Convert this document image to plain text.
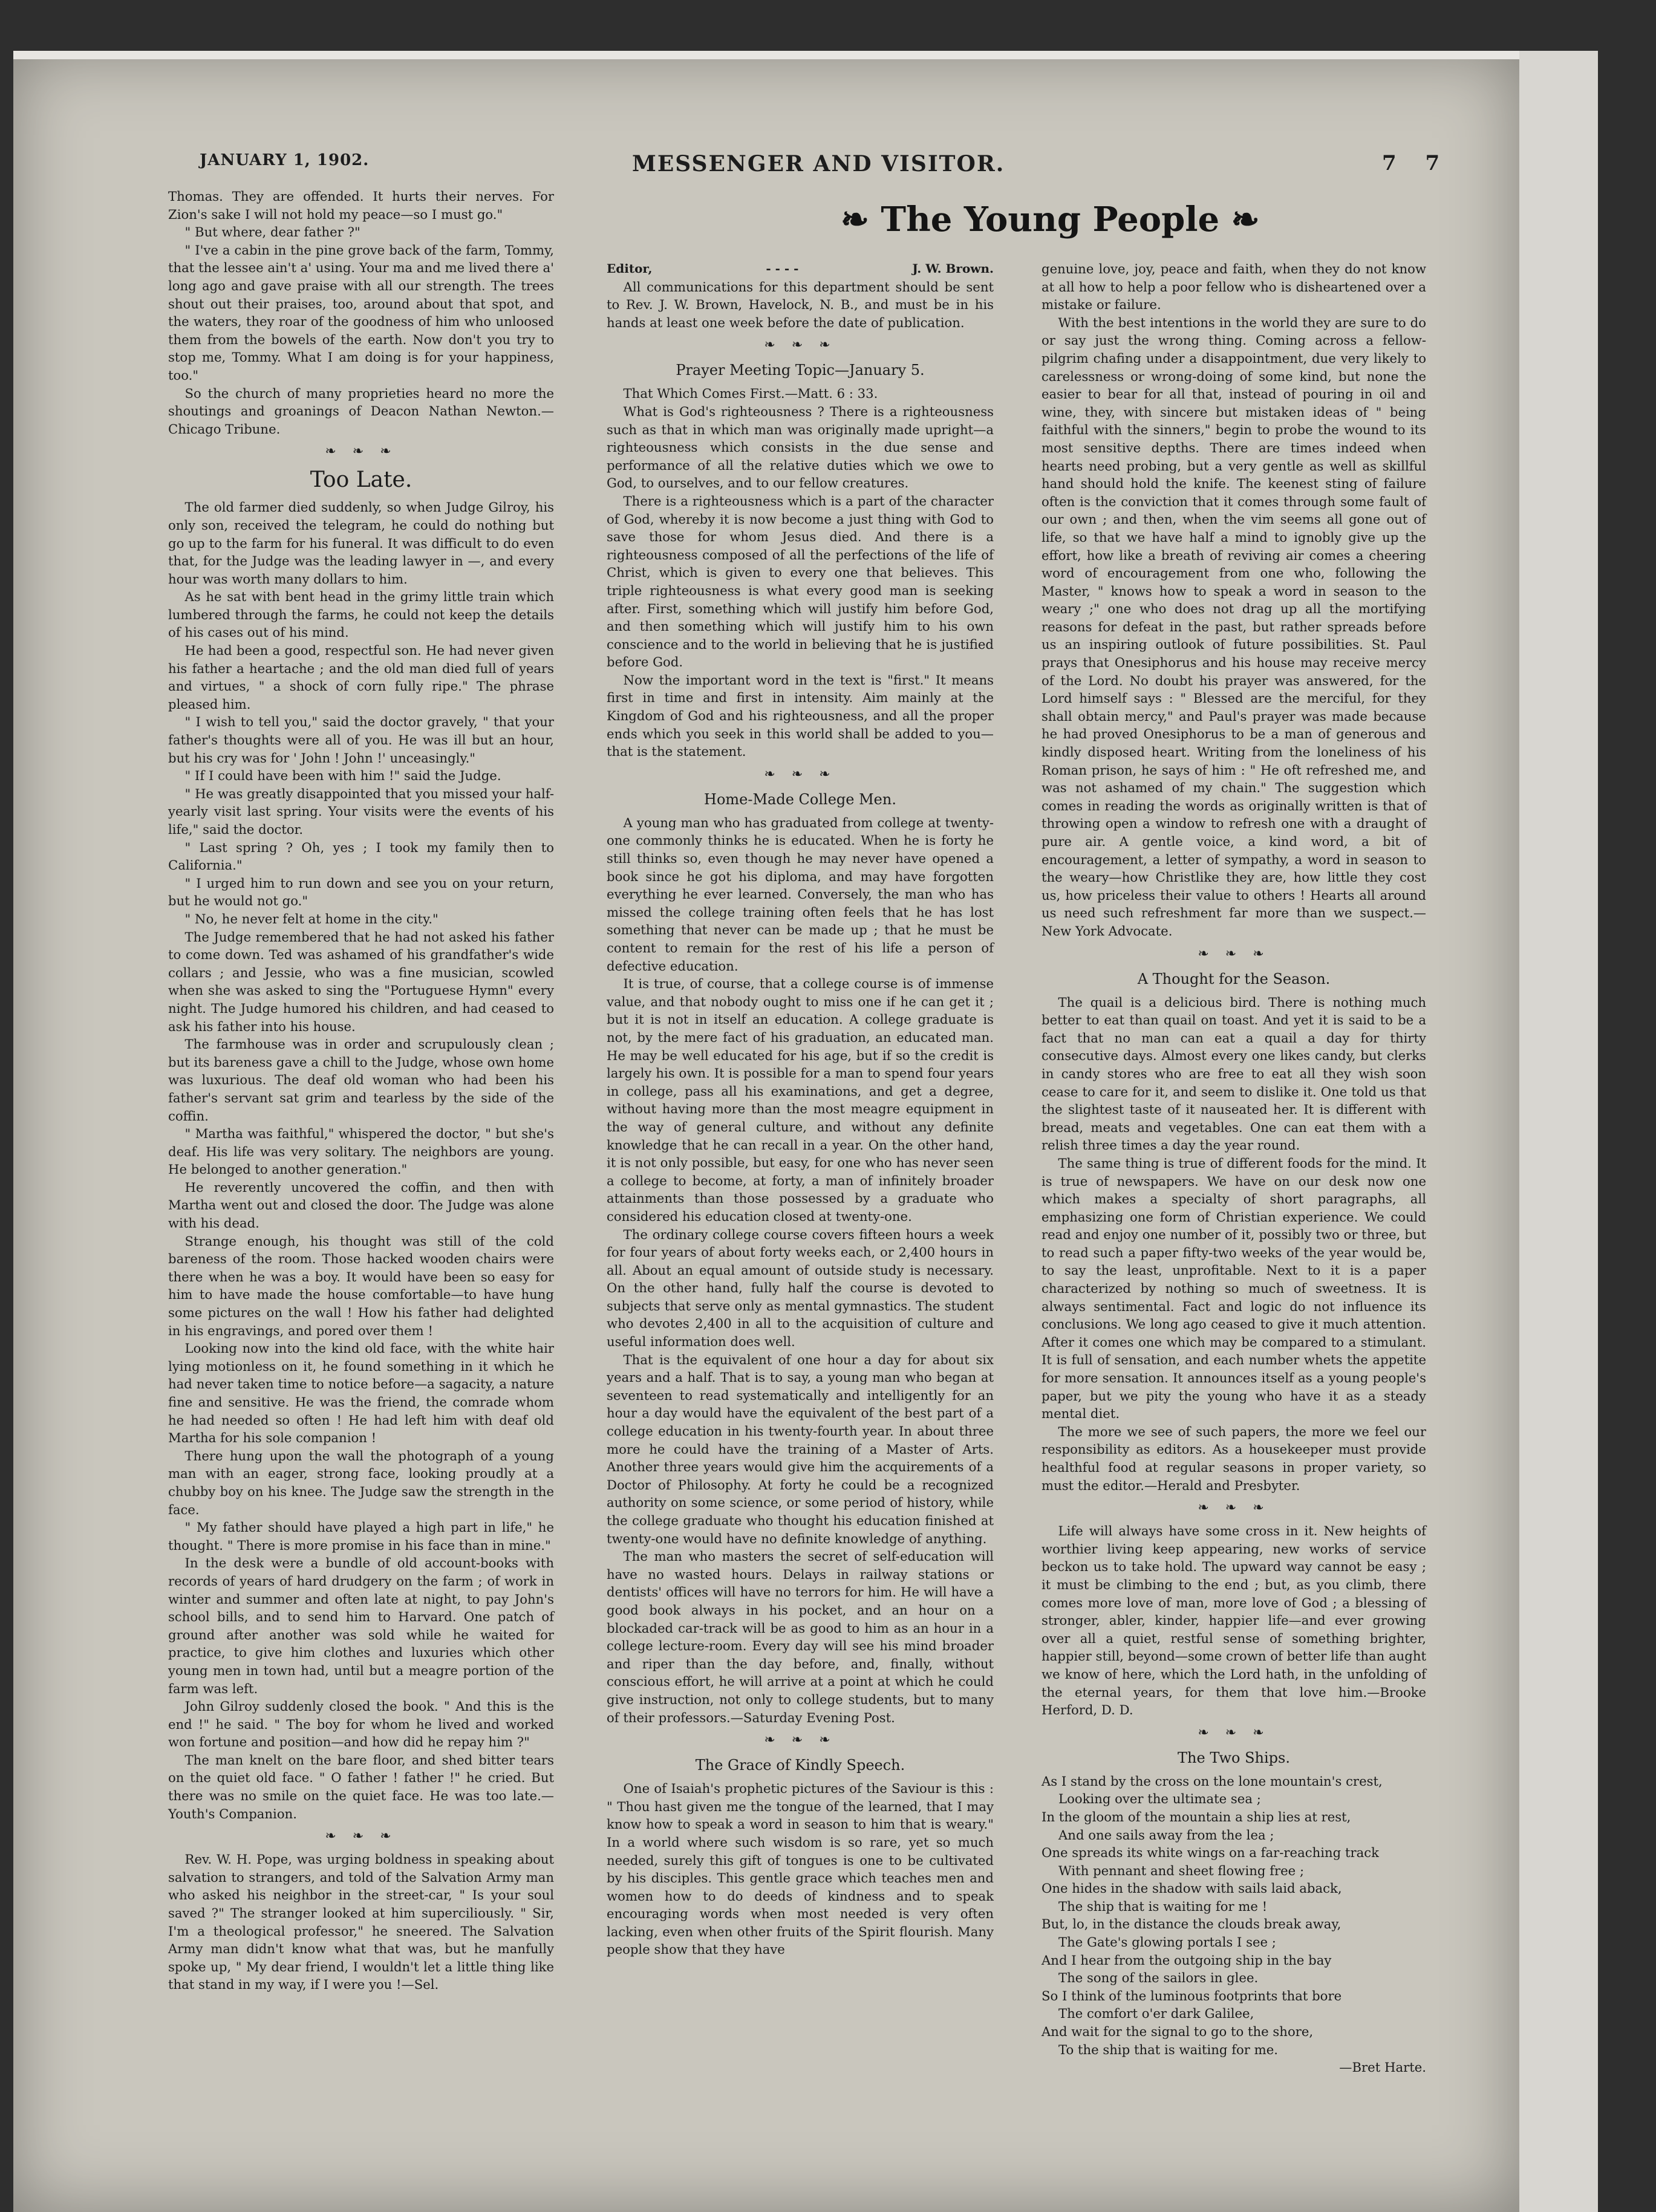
JANUARY 1, 1902.	MESSENGER AND VISITOR.	7 7
❧ The Young People ❧

Thomas. They are offended. It hurts their nerves. For Zion's sake I will not hold my peace—so I must go."

" But where, dear father ?"

" I've a cabin in the pine grove back of the farm, Tommy, that the lessee ain't a' using. Your ma and me lived there a' long ago and gave praise with all our strength. The trees shout out their praises, too, around about that spot, and the waters, they roar of the goodness of him who unloosed them from the bowels of the earth. Now don't you try to stop me, Tommy. What I am doing is for your happiness, too."

So the church of many proprieties heard no more the shoutings and groanings of Deacon Nathan Newton.—Chicago Tribune.

❧ ❧ ❧
Too Late.

The old farmer died suddenly, so when Judge Gilroy, his only son, received the telegram, he could do nothing but go up to the farm for his funeral. It was difficult to do even that, for the Judge was the leading lawyer in —, and every hour was worth many dollars to him.

As he sat with bent head in the grimy little train which lumbered through the farms, he could not keep the details of his cases out of his mind.

He had been a good, respectful son. He had never given his father a heartache ; and the old man died full of years and virtues, " a shock of corn fully ripe." The phrase pleased him.

" I wish to tell you," said the doctor gravely, " that your father's thoughts were all of you. He was ill but an hour, but his cry was for ' John ! John !' unceasingly."

" If I could have been with him !" said the Judge.

" He was greatly disappointed that you missed your half-yearly visit last spring. Your visits were the events of his life," said the doctor.

" Last spring ? Oh, yes ; I took my family then to California."

" I urged him to run down and see you on your return, but he would not go."

" No, he never felt at home in the city."

The Judge remembered that he had not asked his father to come down. Ted was ashamed of his grandfather's wide collars ; and Jessie, who was a fine musician, scowled when she was asked to sing the "Portuguese Hymn" every night. The Judge humored his children, and had ceased to ask his father into his house.

The farmhouse was in order and scrupulously clean ; but its bareness gave a chill to the Judge, whose own home was luxurious. The deaf old woman who had been his father's servant sat grim and tearless by the side of the coffin.

" Martha was faithful," whispered the doctor, " but she's deaf. His life was very solitary. The neighbors are young. He belonged to another generation."

He reverently uncovered the coffin, and then with Martha went out and closed the door. The Judge was alone with his dead.

Strange enough, his thought was still of the cold bareness of the room. Those hacked wooden chairs were there when he was a boy. It would have been so easy for him to have made the house comfortable—to have hung some pictures on the wall ! How his father had delighted in his engravings, and pored over them !

Looking now into the kind old face, with the white hair lying motionless on it, he found something in it which he had never taken time to notice before—a sagacity, a nature fine and sensitive. He was the friend, the comrade whom he had needed so often ! He had left him with deaf old Martha for his sole companion !

There hung upon the wall the photograph of a young man with an eager, strong face, looking proudly at a chubby boy on his knee. The Judge saw the strength in the face.

" My father should have played a high part in life," he thought. " There is more promise in his face than in mine."

In the desk were a bundle of old account-books with records of years of hard drudgery on the farm ; of work in winter and summer and often late at night, to pay John's school bills, and to send him to Harvard. One patch of ground after another was sold while he waited for practice, to give him clothes and luxuries which other young men in town had, until but a meagre portion of the farm was left.

John Gilroy suddenly closed the book. " And this is the end !" he said. " The boy for whom he lived and worked won fortune and position—and how did he repay him ?"

The man knelt on the bare floor, and shed bitter tears on the quiet old face. " O father ! father !" he cried. But there was no smile on the quiet face. He was too late.—Youth's Companion.

❧ ❧ ❧

Rev. W. H. Pope, was urging boldness in speaking about salvation to strangers, and told of the Salvation Army man who asked his neighbor in the street-car, " Is your soul saved ?" The stranger looked at him superciliously. " Sir, I'm a theological professor," he sneered. The Salvation Army man didn't know what that was, but he manfully spoke up, " My dear friend, I wouldn't let a little thing like that stand in my way, if I were you !—Sel.

Editor,	- - - -	J. W. Brown.

All communications for this department should be sent to Rev. J. W. Brown, Havelock, N. B., and must be in his hands at least one week before the date of publication.

❧ ❧ ❧
Prayer Meeting Topic—January 5.

That Which Comes First.—Matt. 6 : 33.

What is God's righteousness ? There is a righteousness such as that in which man was originally made upright—a righteousness which consists in the due sense and performance of all the relative duties which we owe to God, to ourselves, and to our fellow creatures.

There is a righteousness which is a part of the character of God, whereby it is now become a just thing with God to save those for whom Jesus died. And there is a righteousness composed of all the perfections of the life of Christ, which is given to every one that believes. This triple righteousness is what every good man is seeking after. First, something which will justify him before God, and then something which will justify him to his own conscience and to the world in believing that he is justified before God.

Now the important word in the text is "first." It means first in time and first in intensity. Aim mainly at the Kingdom of God and his righteousness, and all the proper ends which you seek in this world shall be added to you—that is the statement.

❧ ❧ ❧
Home-Made College Men.

A young man who has graduated from college at twenty-one commonly thinks he is educated. When he is forty he still thinks so, even though he may never have opened a book since he got his diploma, and may have forgotten everything he ever learned. Conversely, the man who has missed the college training often feels that he has lost something that never can be made up ; that he must be content to remain for the rest of his life a person of defective education.

It is true, of course, that a college course is of immense value, and that nobody ought to miss one if he can get it ; but it is not in itself an education. A college graduate is not, by the mere fact of his graduation, an educated man. He may be well educated for his age, but if so the credit is largely his own. It is possible for a man to spend four years in college, pass all his examinations, and get a degree, without having more than the most meagre equipment in the way of general culture, and without any definite knowledge that he can recall in a year. On the other hand, it is not only possible, but easy, for one who has never seen a college to become, at forty, a man of infinitely broader attainments than those possessed by a graduate who considered his education closed at twenty-one.

The ordinary college course covers fifteen hours a week for four years of about forty weeks each, or 2,400 hours in all. About an equal amount of outside study is necessary. On the other hand, fully half the course is devoted to subjects that serve only as mental gymnastics. The student who devotes 2,400 in all to the acquisition of culture and useful information does well.

That is the equivalent of one hour a day for about six years and a half. That is to say, a young man who began at seventeen to read systematically and intelligently for an hour a day would have the equivalent of the best part of a college education in his twenty-fourth year. In about three more he could have the training of a Master of Arts. Another three years would give him the acquirements of a Doctor of Philosophy. At forty he could be a recognized authority on some science, or some period of history, while the college graduate who thought his education finished at twenty-one would have no definite knowledge of anything.

The man who masters the secret of self-education will have no wasted hours. Delays in railway stations or dentists' offices will have no terrors for him. He will have a good book always in his pocket, and an hour on a blockaded car-track will be as good to him as an hour in a college lecture-room. Every day will see his mind broader and riper than the day before, and, finally, without conscious effort, he will arrive at a point at which he could give instruction, not only to college students, but to many of their professors.—Saturday Evening Post.

❧ ❧ ❧
The Grace of Kindly Speech.

One of Isaiah's prophetic pictures of the Saviour is this : " Thou hast given me the tongue of the learned, that I may know how to speak a word in season to him that is weary." In a world where such wisdom is so rare, yet so much needed, surely this gift of tongues is one to be cultivated by his disciples. This gentle grace which teaches men and women how to do deeds of kindness and to speak encouraging words when most needed is very often lacking, even when other fruits of the Spirit flourish. Many people show that they have

genuine love, joy, peace and faith, when they do not know at all how to help a poor fellow who is disheartened over a mistake or failure.

With the best intentions in the world they are sure to do or say just the wrong thing. Coming across a fellow-pilgrim chafing under a disappointment, due very likely to carelessness or wrong-doing of some kind, but none the easier to bear for all that, instead of pouring in oil and wine, they, with sincere but mistaken ideas of " being faithful with the sinners," begin to probe the wound to its most sensitive depths. There are times indeed when hearts need probing, but a very gentle as well as skillful hand should hold the knife. The keenest sting of failure often is the conviction that it comes through some fault of our own ; and then, when the vim seems all gone out of life, so that we have half a mind to ignobly give up the effort, how like a breath of reviving air comes a cheering word of encouragement from one who, following the Master, " knows how to speak a word in season to the weary ;" one who does not drag up all the mortifying reasons for defeat in the past, but rather spreads before us an inspiring outlook of future possibilities. St. Paul prays that Onesiphorus and his house may receive mercy of the Lord. No doubt his prayer was answered, for the Lord himself says : " Blessed are the merciful, for they shall obtain mercy," and Paul's prayer was made because he had proved Onesiphorus to be a man of generous and kindly disposed heart. Writing from the loneliness of his Roman prison, he says of him : " He oft refreshed me, and was not ashamed of my chain." The suggestion which comes in reading the words as originally written is that of throwing open a window to refresh one with a draught of pure air. A gentle voice, a kind word, a bit of encouragement, a letter of sympathy, a word in season to the weary—how Christlike they are, how little they cost us, how priceless their value to others ! Hearts all around us need such refreshment far more than we suspect.—New York Advocate.

❧ ❧ ❧
A Thought for the Season.

The quail is a delicious bird. There is nothing much better to eat than quail on toast. And yet it is said to be a fact that no man can eat a quail a day for thirty consecutive days. Almost every one likes candy, but clerks in candy stores who are free to eat all they wish soon cease to care for it, and seem to dislike it. One told us that the slightest taste of it nauseated her. It is different with bread, meats and vegetables. One can eat them with a relish three times a day the year round.

The same thing is true of different foods for the mind. It is true of newspapers. We have on our desk now one which makes a specialty of short paragraphs, all emphasizing one form of Christian experience. We could read and enjoy one number of it, possibly two or three, but to read such a paper fifty-two weeks of the year would be, to say the least, unprofitable. Next to it is a paper characterized by nothing so much of sweetness. It is always sentimental. Fact and logic do not influence its conclusions. We long ago ceased to give it much attention. After it comes one which may be compared to a stimulant. It is full of sensation, and each number whets the appetite for more sensation. It announces itself as a young people's paper, but we pity the young who have it as a steady mental diet.

The more we see of such papers, the more we feel our responsibility as editors. As a housekeeper must provide healthful food at regular seasons in proper variety, so must the editor.—Herald and Presbyter.

❧ ❧ ❧

Life will always have some cross in it. New heights of worthier living keep appearing, new works of service beckon us to take hold. The upward way cannot be easy ; it must be climbing to the end ; but, as you climb, there comes more love of man, more love of God ; a blessing of stronger, abler, kinder, happier life—and ever growing over all a quiet, restful sense of something brighter, happier still, beyond—some crown of better life than aught we know of here, which the Lord hath, in the unfolding of the eternal years, for them that love him.—Brooke Herford, D. D.

❧ ❧ ❧
The Two Ships.
As I stand by the cross on the lone mountain's crest,
Looking over the ultimate sea ;
In the gloom of the mountain a ship lies at rest,
And one sails away from the lea ;
One spreads its white wings on a far-reaching track
With pennant and sheet flowing free ;
One hides in the shadow with sails laid aback,
The ship that is waiting for me !
But, lo, in the distance the clouds break away,
The Gate's glowing portals I see ;
And I hear from the outgoing ship in the bay
The song of the sailors in glee.
So I think of the luminous footprints that bore
The comfort o'er dark Galilee,
And wait for the signal to go to the shore,
To the ship that is waiting for me.
—Bret Harte.
